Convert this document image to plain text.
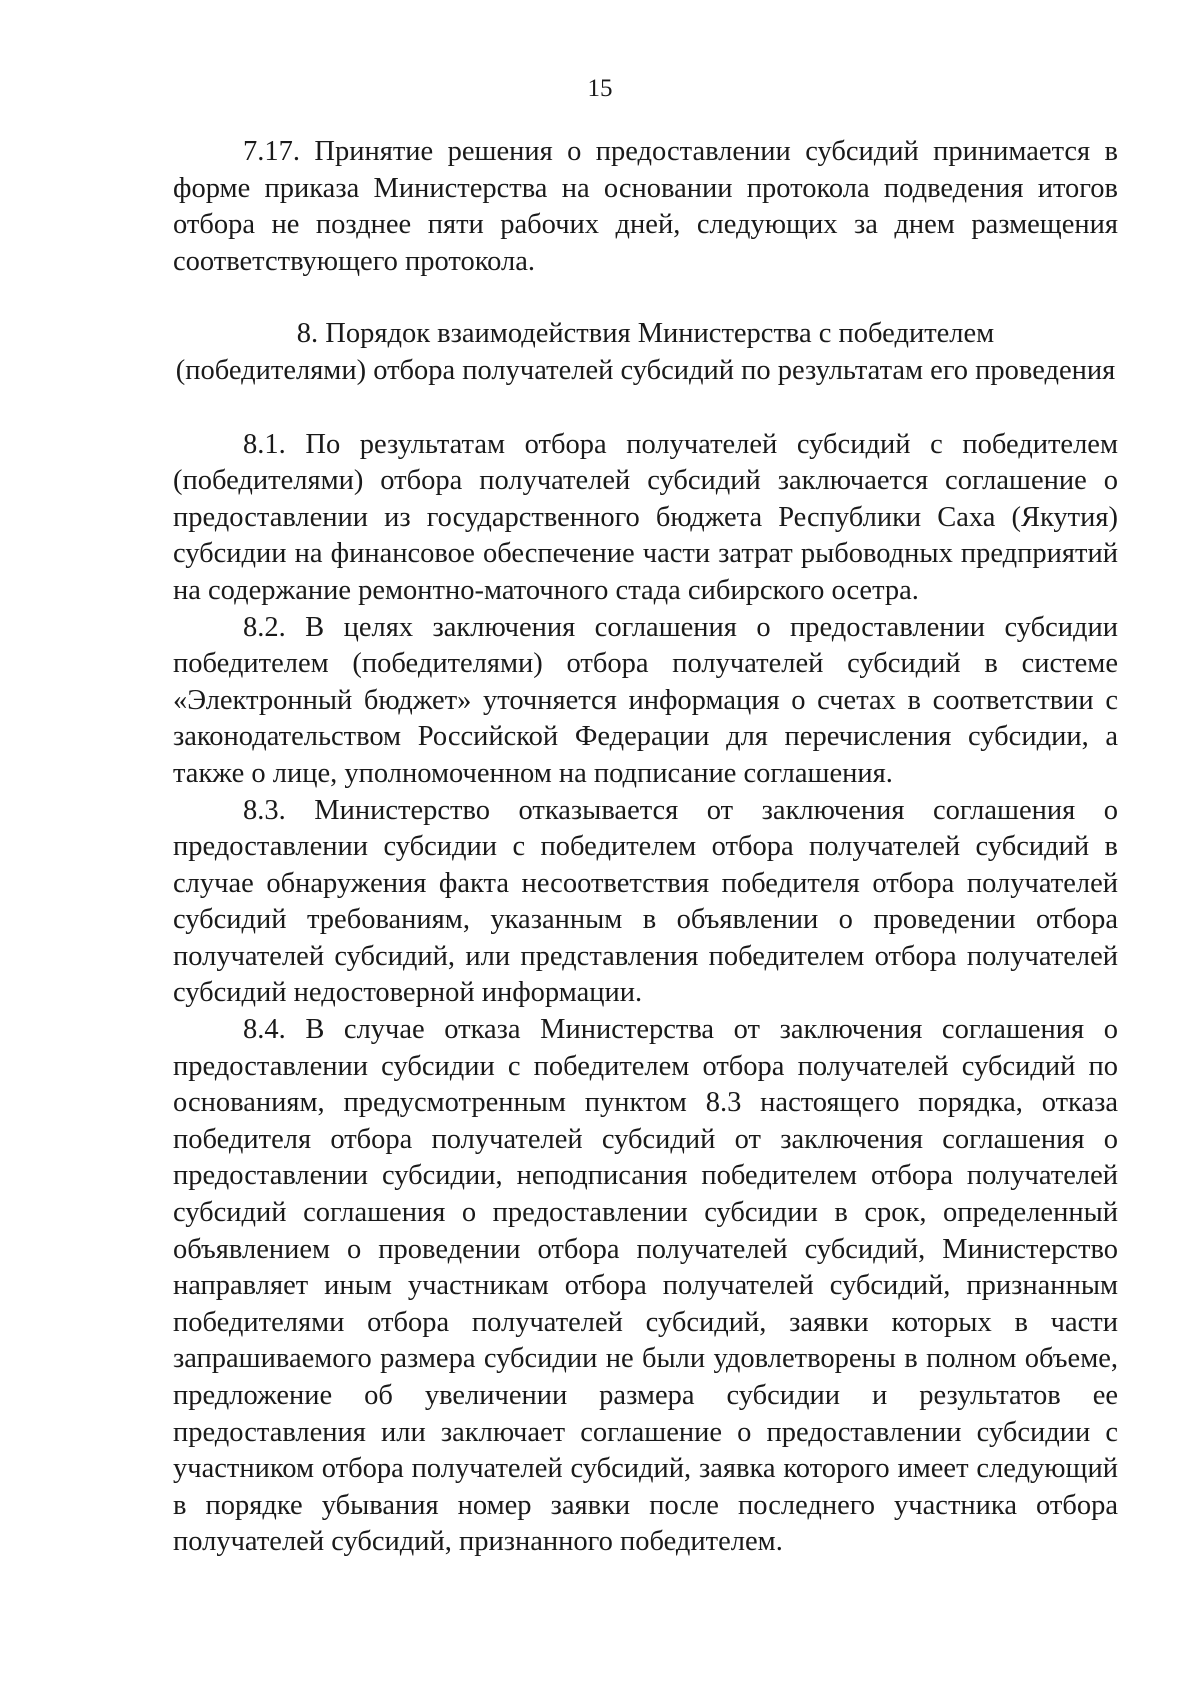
15

7.17. Принятие решения о предоставлении субсидий принимается в форме приказа Министерства на основании протокола подведения итогов отбора не позднее пяти рабочих дней, следующих за днем размещения соответствующего протокола.

8. Порядок взаимодействия Министерства с победителем
(победителями) отбора получателей субсидий по результатам его проведения

8.1. По результатам отбора получателей субсидий с победителем (победителями) отбора получателей субсидий заключается соглашение о предоставлении из государственного бюджета Республики Саха (Якутия) субсидии на финансовое обеспечение части затрат рыбоводных предприятий на содержание ремонтно-маточного стада сибирского осетра.

8.2. В целях заключения соглашения о предоставлении субсидии победителем (победителями) отбора получателей субсидий в системе «Электронный бюджет» уточняется информация о счетах в соответствии с законодательством Российской Федерации для перечисления субсидии, а также о лице, уполномоченном на подписание соглашения.

8.3. Министерство отказывается от заключения соглашения о предоставлении субсидии с победителем отбора получателей субсидий в случае обнаружения факта несоответствия победителя отбора получателей субсидий требованиям, указанным в объявлении о проведении отбора получателей субсидий, или представления победителем отбора получателей субсидий недостоверной информации.

8.4. В случае отказа Министерства от заключения соглашения о предоставлении субсидии с победителем отбора получателей субсидий по основаниям, предусмотренным пунктом 8.3 настоящего порядка, отказа победителя отбора получателей субсидий от заключения соглашения о предоставлении субсидии, неподписания победителем отбора получателей субсидий соглашения о предоставлении субсидии в срок, определенный объявлением о проведении отбора получателей субсидий, Министерство направляет иным участникам отбора получателей субсидий, признанным победителями отбора получателей субсидий, заявки которых в части запрашиваемого размера субсидии не были удовлетворены в полном объеме, предложение об увеличении размера субсидии и результатов ее предоставления или заключает соглашение о предоставлении субсидии с участником отбора получателей субсидий, заявка которого имеет следующий в порядке убывания номер заявки после последнего участника отбора получателей субсидий, признанного победителем.
